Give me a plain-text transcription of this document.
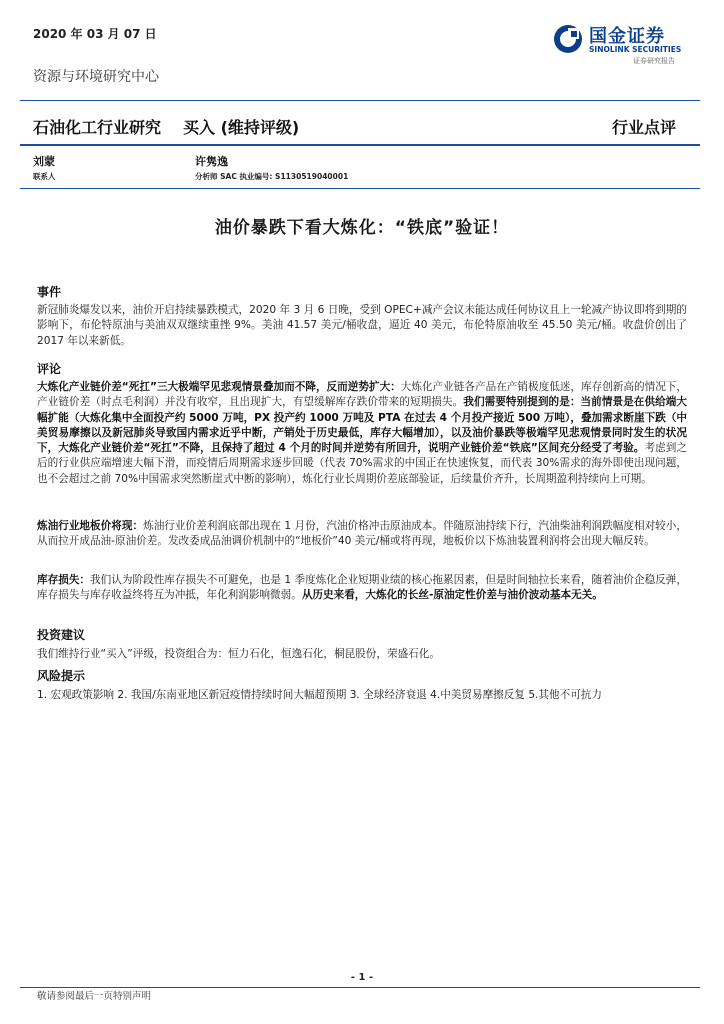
2020 年 03 月 07 日	国金证券
SINOLINK SECURITIES
证券研究报告
资源与环境研究中心
石油化工行业研究 买入 (维持评级)	行业点评
刘蒙
联系人
许隽逸
分析师 SAC 执业编号: S1130519040001
油价暴跌下看大炼化：“铁底”验证！
事件
新冠肺炎爆发以来，油价开启持续暴跌模式，2020 年 3 月 6 日晚，受到 OPEC+减产会议未能达成任何协议且上一轮减产协议即将到期的影响下，布伦特原油与美油双双继续重挫 9%。美油 41.57 美元/桶收盘，逼近 40 美元，布伦特原油收至 45.50 美元/桶。收盘价创出了 2017 年以来新低。
评论
大炼化产业链价差“死扛”三大极端罕见悲观情景叠加而不降，反而逆势扩大：大炼化产业链各产品在产销极度低迷，库存创新高的情况下，产业链价差（时点毛利润）并没有收窄，且出现扩大，有望缓解库存跌价带来的短期损失。我们需要特别提到的是：当前情景是在供给端大幅扩能（大炼化集中全面投产约 5000 万吨，PX 投产约 1000 万吨及 PTA 在过去 4 个月投产接近 500 万吨），叠加需求断崖下跌（中美贸易摩擦以及新冠肺炎导致国内需求近乎中断，产销处于历史最低，库存大幅增加），以及油价暴跌等极端罕见悲观情景同时发生的状况下，大炼化产业链价差“死扛”不降，且保持了超过 4 个月的时间并逆势有所回升，说明产业链价差“铁底”区间充分经受了考验。考虑到之后的行业供应端增速大幅下滑，而疫情后周期需求逐步回暖（代表 70%需求的中国正在快速恢复，而代表 30%需求的海外即使出现问题，也不会超过之前 70%中国需求突然断崖式中断的影响），炼化行业长周期价差底部验证，后续量价齐升，长周期盈利持续向上可期。
炼油行业地板价将现：炼油行业价差利润底部出现在 1 月份，汽油价格冲击原油成本。伴随原油持续下行，汽油柴油利润跌幅度相对较小，从而拉开成品油-原油价差。发改委成品油调价机制中的“地板价”40 美元/桶或将再现，地板价以下炼油装置利润将会出现大幅反转。
库存损失：我们认为阶段性库存损失不可避免，也是 1 季度炼化企业短期业绩的核心拖累因素，但是时间轴拉长来看，随着油价企稳反弹，库存损失与库存收益终将互为冲抵，年化利润影响微弱。从历史来看，大炼化的长丝-原油定性价差与油价波动基本无关。
投资建议
我们维持行业“买入”评级，投资组合为：恒力石化，恒逸石化，桐昆股份，荣盛石化。
风险提示
1. 宏观政策影响 2. 我国/东南亚地区新冠疫情持续时间大幅超预期 3. 全球经济衰退 4.中美贸易摩擦反复 5.其他不可抗力
- 1 -
敬请参阅最后一页特别声明
